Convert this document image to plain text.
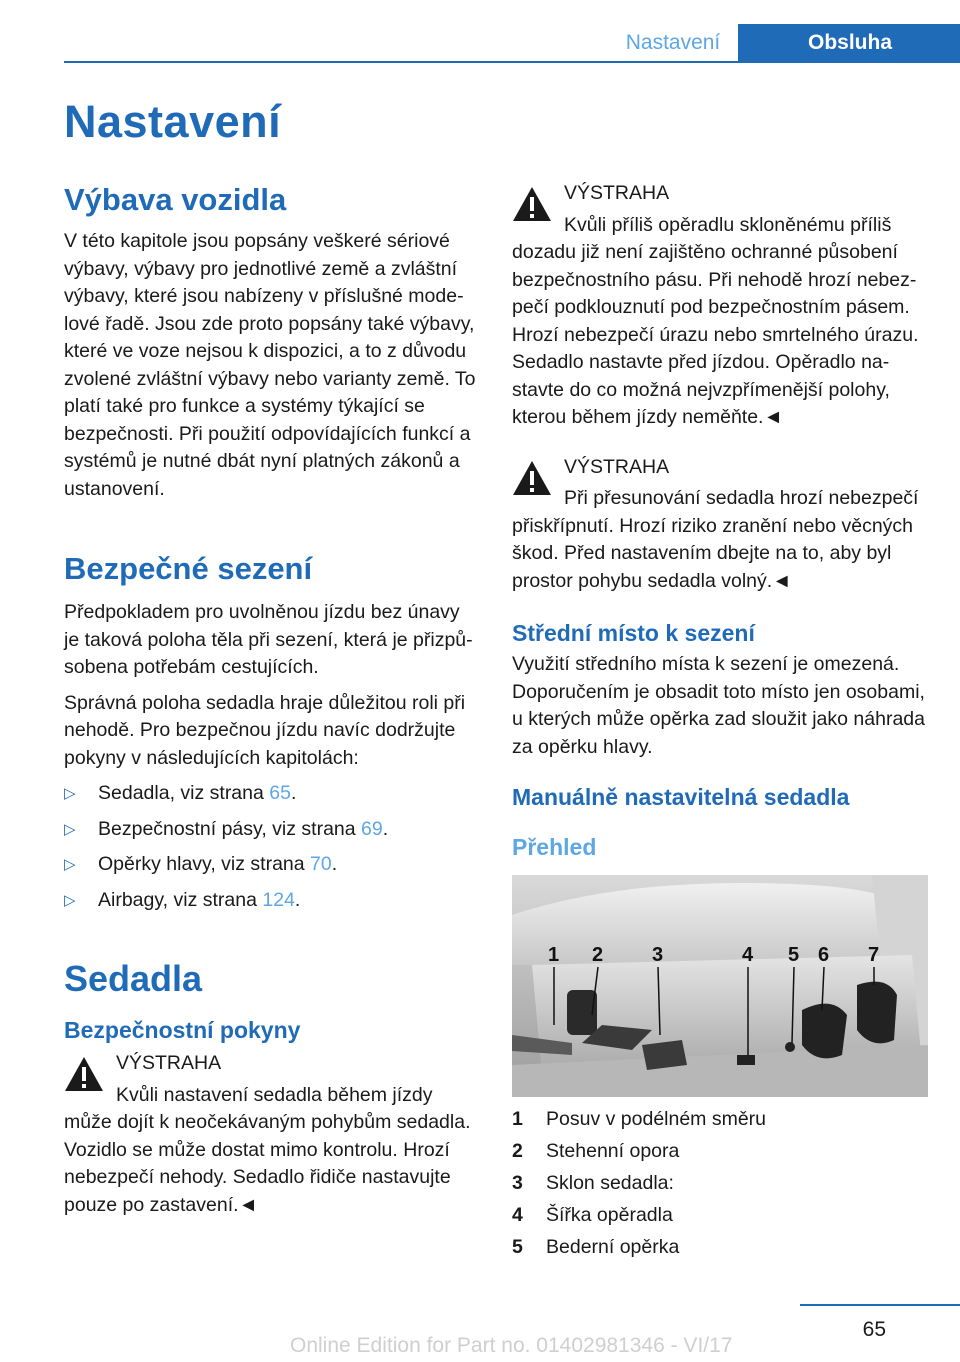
Nastavení	Obsluha
Nastavení
Výbava vozidla

V této kapitole jsou popsány veškeré sériové výbavy, výbavy pro jednotlivé země a zvláštní výbavy, které jsou nabízeny v příslušné modelové řadě. Jsou zde proto popsány také výbavy, které ve voze nejsou k dispozici, a to z důvodu zvolené zvláštní výbavy nebo varianty země. To platí také pro funkce a systémy týkající se bezpečnosti. Při použití odpovídajících funkcí a systémů je nutné dbát nyní platných zákonů a ustanovení.

Bezpečné sezení

Předpokladem pro uvolněnou jízdu bez únavy je taková poloha těla při sezení, která je přizpůsobena potřebám cestujících.

Správná poloha sedadla hraje důležitou roli při nehodě. Pro bezpečnou jízdu navíc dodržujte pokyny v následujících kapitolách:

▷ Sedadla, viz strana 65.
▷ Bezpečnostní pásy, viz strana 69.
▷ Opěrky hlavy, viz strana 70.
▷ Airbagy, viz strana 124.
Sedadla
Bezpečnostní pokyny
VÝSTRAHA

Kvůli nastavení sedadla během jízdy

může dojít k neočekávaným pohybům sedadla. Vozidlo se může dostat mimo kontrolu. Hrozí nebezpečí nehody. Sedadlo řidiče nastavujte pouze po zastavení.◄

VÝSTRAHA

Kvůli příliš opěradlu skloněnému příliš

dozadu již není zajištěno ochranné působení bezpečnostního pásu. Při nehodě hrozí nebezpečí podklouznutí pod bezpečnostním pásem. Hrozí nebezpečí úrazu nebo smrtelného úrazu. Sedadlo nastavte před jízdou. Opěradlo nastavte do co možná nejvzpřímenější polohy, kterou během jízdy neměňte.◄

VÝSTRAHA

Při přesunování sedadla hrozí nebezpečí

přiskřípnutí. Hrozí riziko zranění nebo věcných škod. Před nastavením dbejte na to, aby byl prostor pohybu sedadla volný.◄

Střední místo k sezení

Využití středního místa k sezení je omezená. Doporučením je obsadit toto místo jen osobami, u kterých může opěrka zad sloužit jako náhrada za opěrku hlavy.

Manuálně nastavitelná sedadla
Přehled
1 2 3	4 5 6 7
1	Posuv v podélném směru
2	Stehenní opora
3	Sklon sedadla:
4	Šířka opěradla
5	Bederní opěrka
65
Online Edition for Part no. 01402981346 - VI/17
